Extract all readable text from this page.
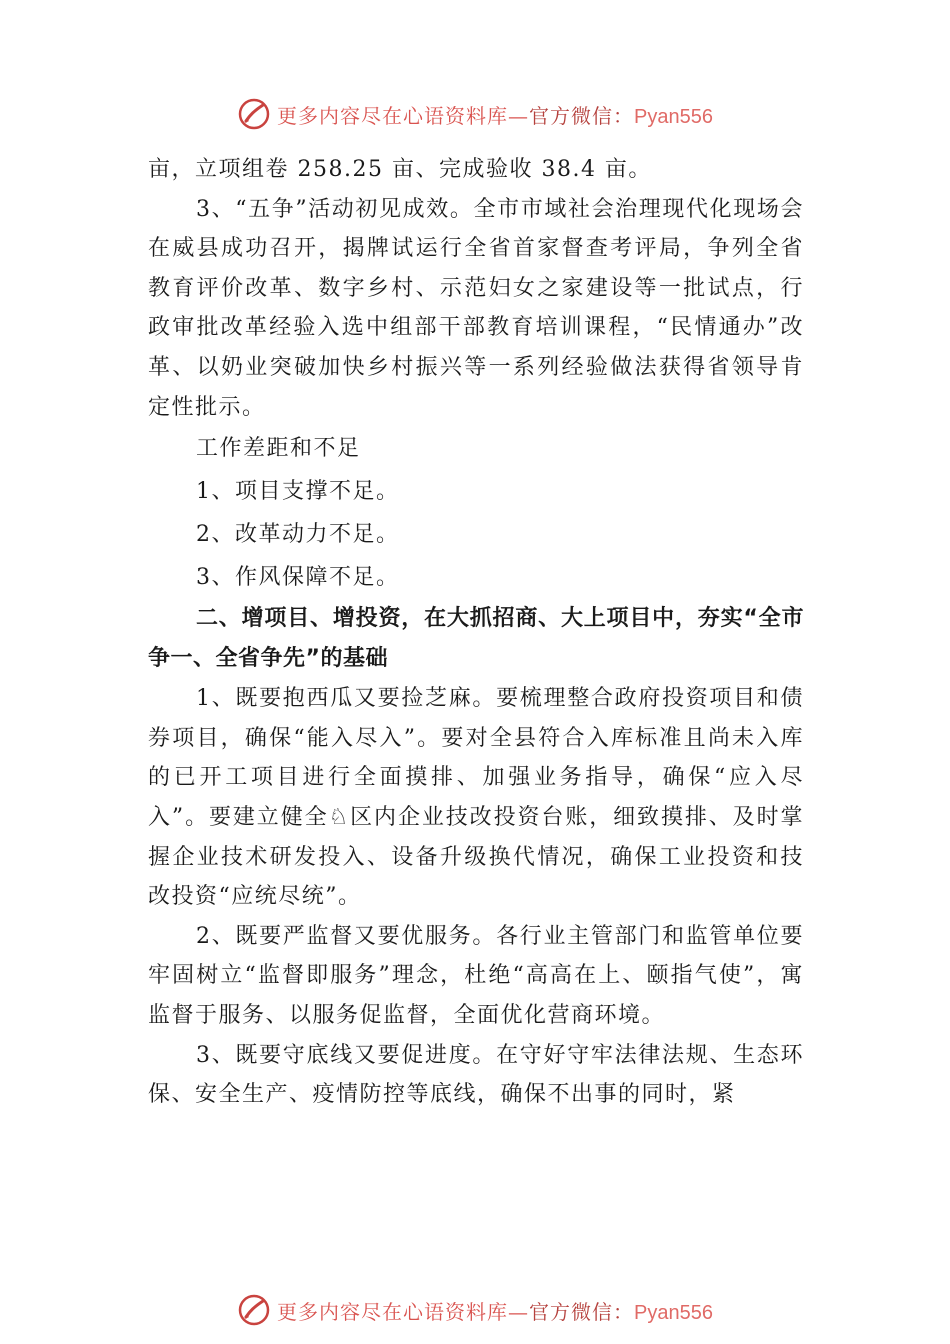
更多内容尽在心语资料库—官方微信：Pyan556

亩，立项组卷 258.25 亩、完成验收 38.4 亩。

3、“五争”活动初见成效。全市市域社会治理现代化现场会在威县成功召开，揭牌试运行全省首家督查考评局，争列全省教育评价改革、数字乡村、示范妇女之家建设等一批试点，行政审批改革经验入选中组部干部教育培训课程，“民情通办”改革、以奶业突破加快乡村振兴等一系列经验做法获得省领导肯定性批示。

工作差距和不足

1、项目支撑不足。

2、改革动力不足。

3、作风保障不足。

二、增项目、增投资，在大抓招商、大上项目中，夯实“全市争一、全省争先”的基础

1、既要抱西瓜又要捡芝麻。要梳理整合政府投资项目和债券项目，确保“能入尽入”。要对全县符合入库标准且尚未入库的已开工项目进行全面摸排、加强业务指导，确保“应入尽入”。要建立健全♘区内企业技改投资台账，细致摸排、及时掌握企业技术研发投入、设备升级换代情况，确保工业投资和技改投资“应统尽统”。

2、既要严监督又要优服务。各行业主管部门和监管单位要牢固树立“监督即服务”理念，杜绝“高高在上、颐指气使”，寓监督于服务、以服务促监督，全面优化营商环境。

3、既要守底线又要促进度。在守好守牢法律法规、生态环保、安全生产、疫情防控等底线，确保不出事的同时，紧

更多内容尽在心语资料库—官方微信：Pyan556
